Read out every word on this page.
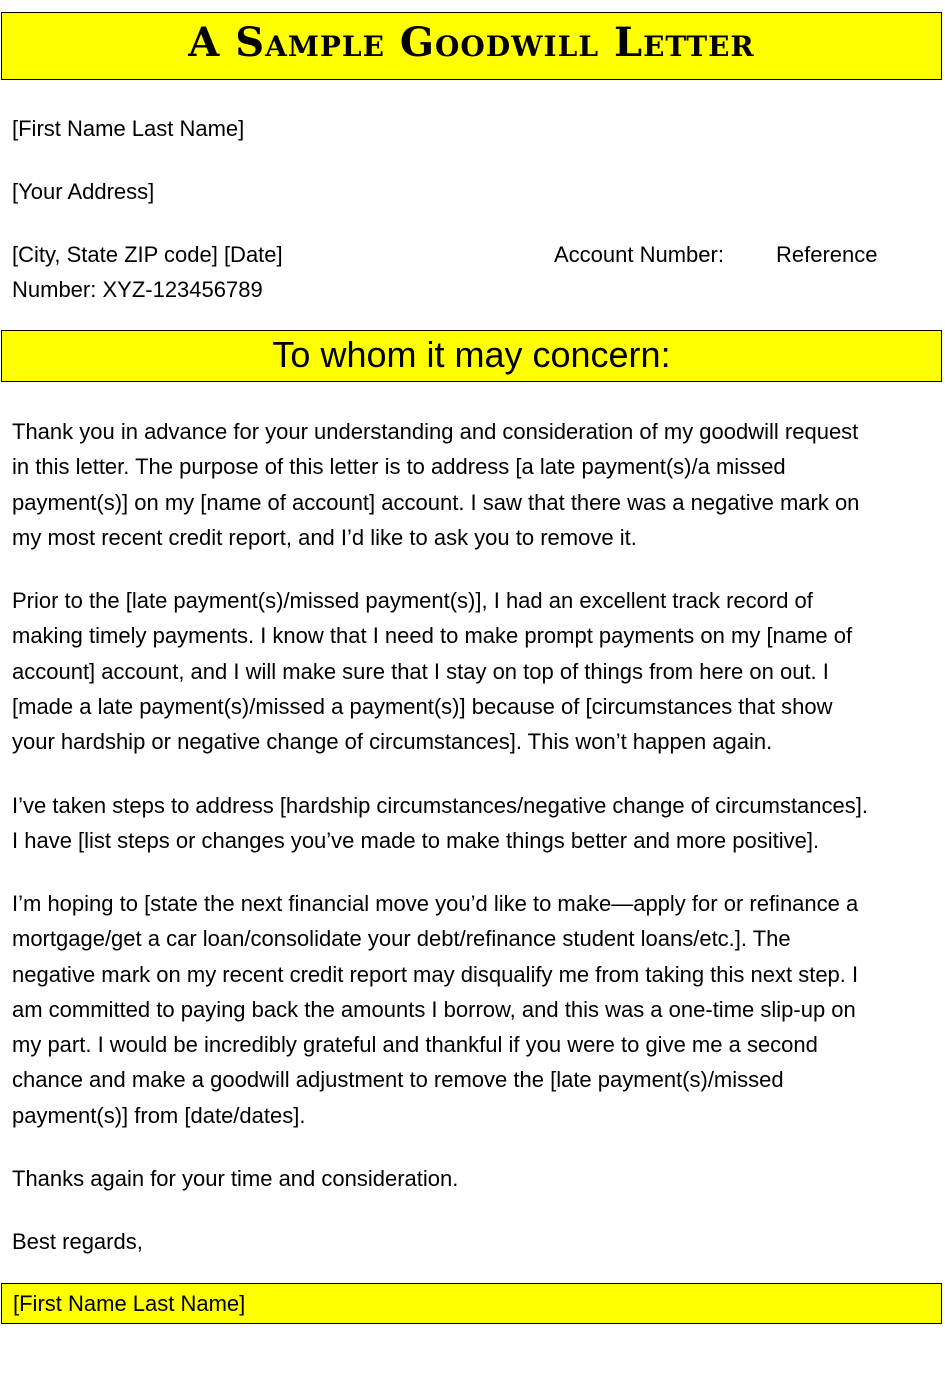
A Sample Goodwill Letter
[First Name Last Name]
[Your Address]
[City, State ZIP code] [Date]	Account Number: Reference
Number: XYZ-123456789
To whom it may concern:
Thank you in advance for your understanding and consideration of my goodwill request
in this letter. The purpose of this letter is to address [a late payment(s)/a missed
payment(s)] on my [name of account] account. I saw that there was a negative mark on
my most recent credit report, and I’d like to ask you to remove it.
Prior to the [late payment(s)/missed payment(s)], I had an excellent track record of
making timely payments. I know that I need to make prompt payments on my [name of
account] account, and I will make sure that I stay on top of things from here on out. I
[made a late payment(s)/missed a payment(s)] because of [circumstances that show
your hardship or negative change of circumstances]. This won’t happen again.
I’ve taken steps to address [hardship circumstances/negative change of circumstances].
I have [list steps or changes you’ve made to make things better and more positive].
I’m hoping to [state the next financial move you’d like to make—apply for or refinance a
mortgage/get a car loan/consolidate your debt/refinance student loans/etc.]. The
negative mark on my recent credit report may disqualify me from taking this next step. I
am committed to paying back the amounts I borrow, and this was a one-time slip-up on
my part. I would be incredibly grateful and thankful if you were to give me a second
chance and make a goodwill adjustment to remove the [late payment(s)/missed
payment(s)] from [date/dates].
Thanks again for your time and consideration.
Best regards,
[First Name Last Name]
